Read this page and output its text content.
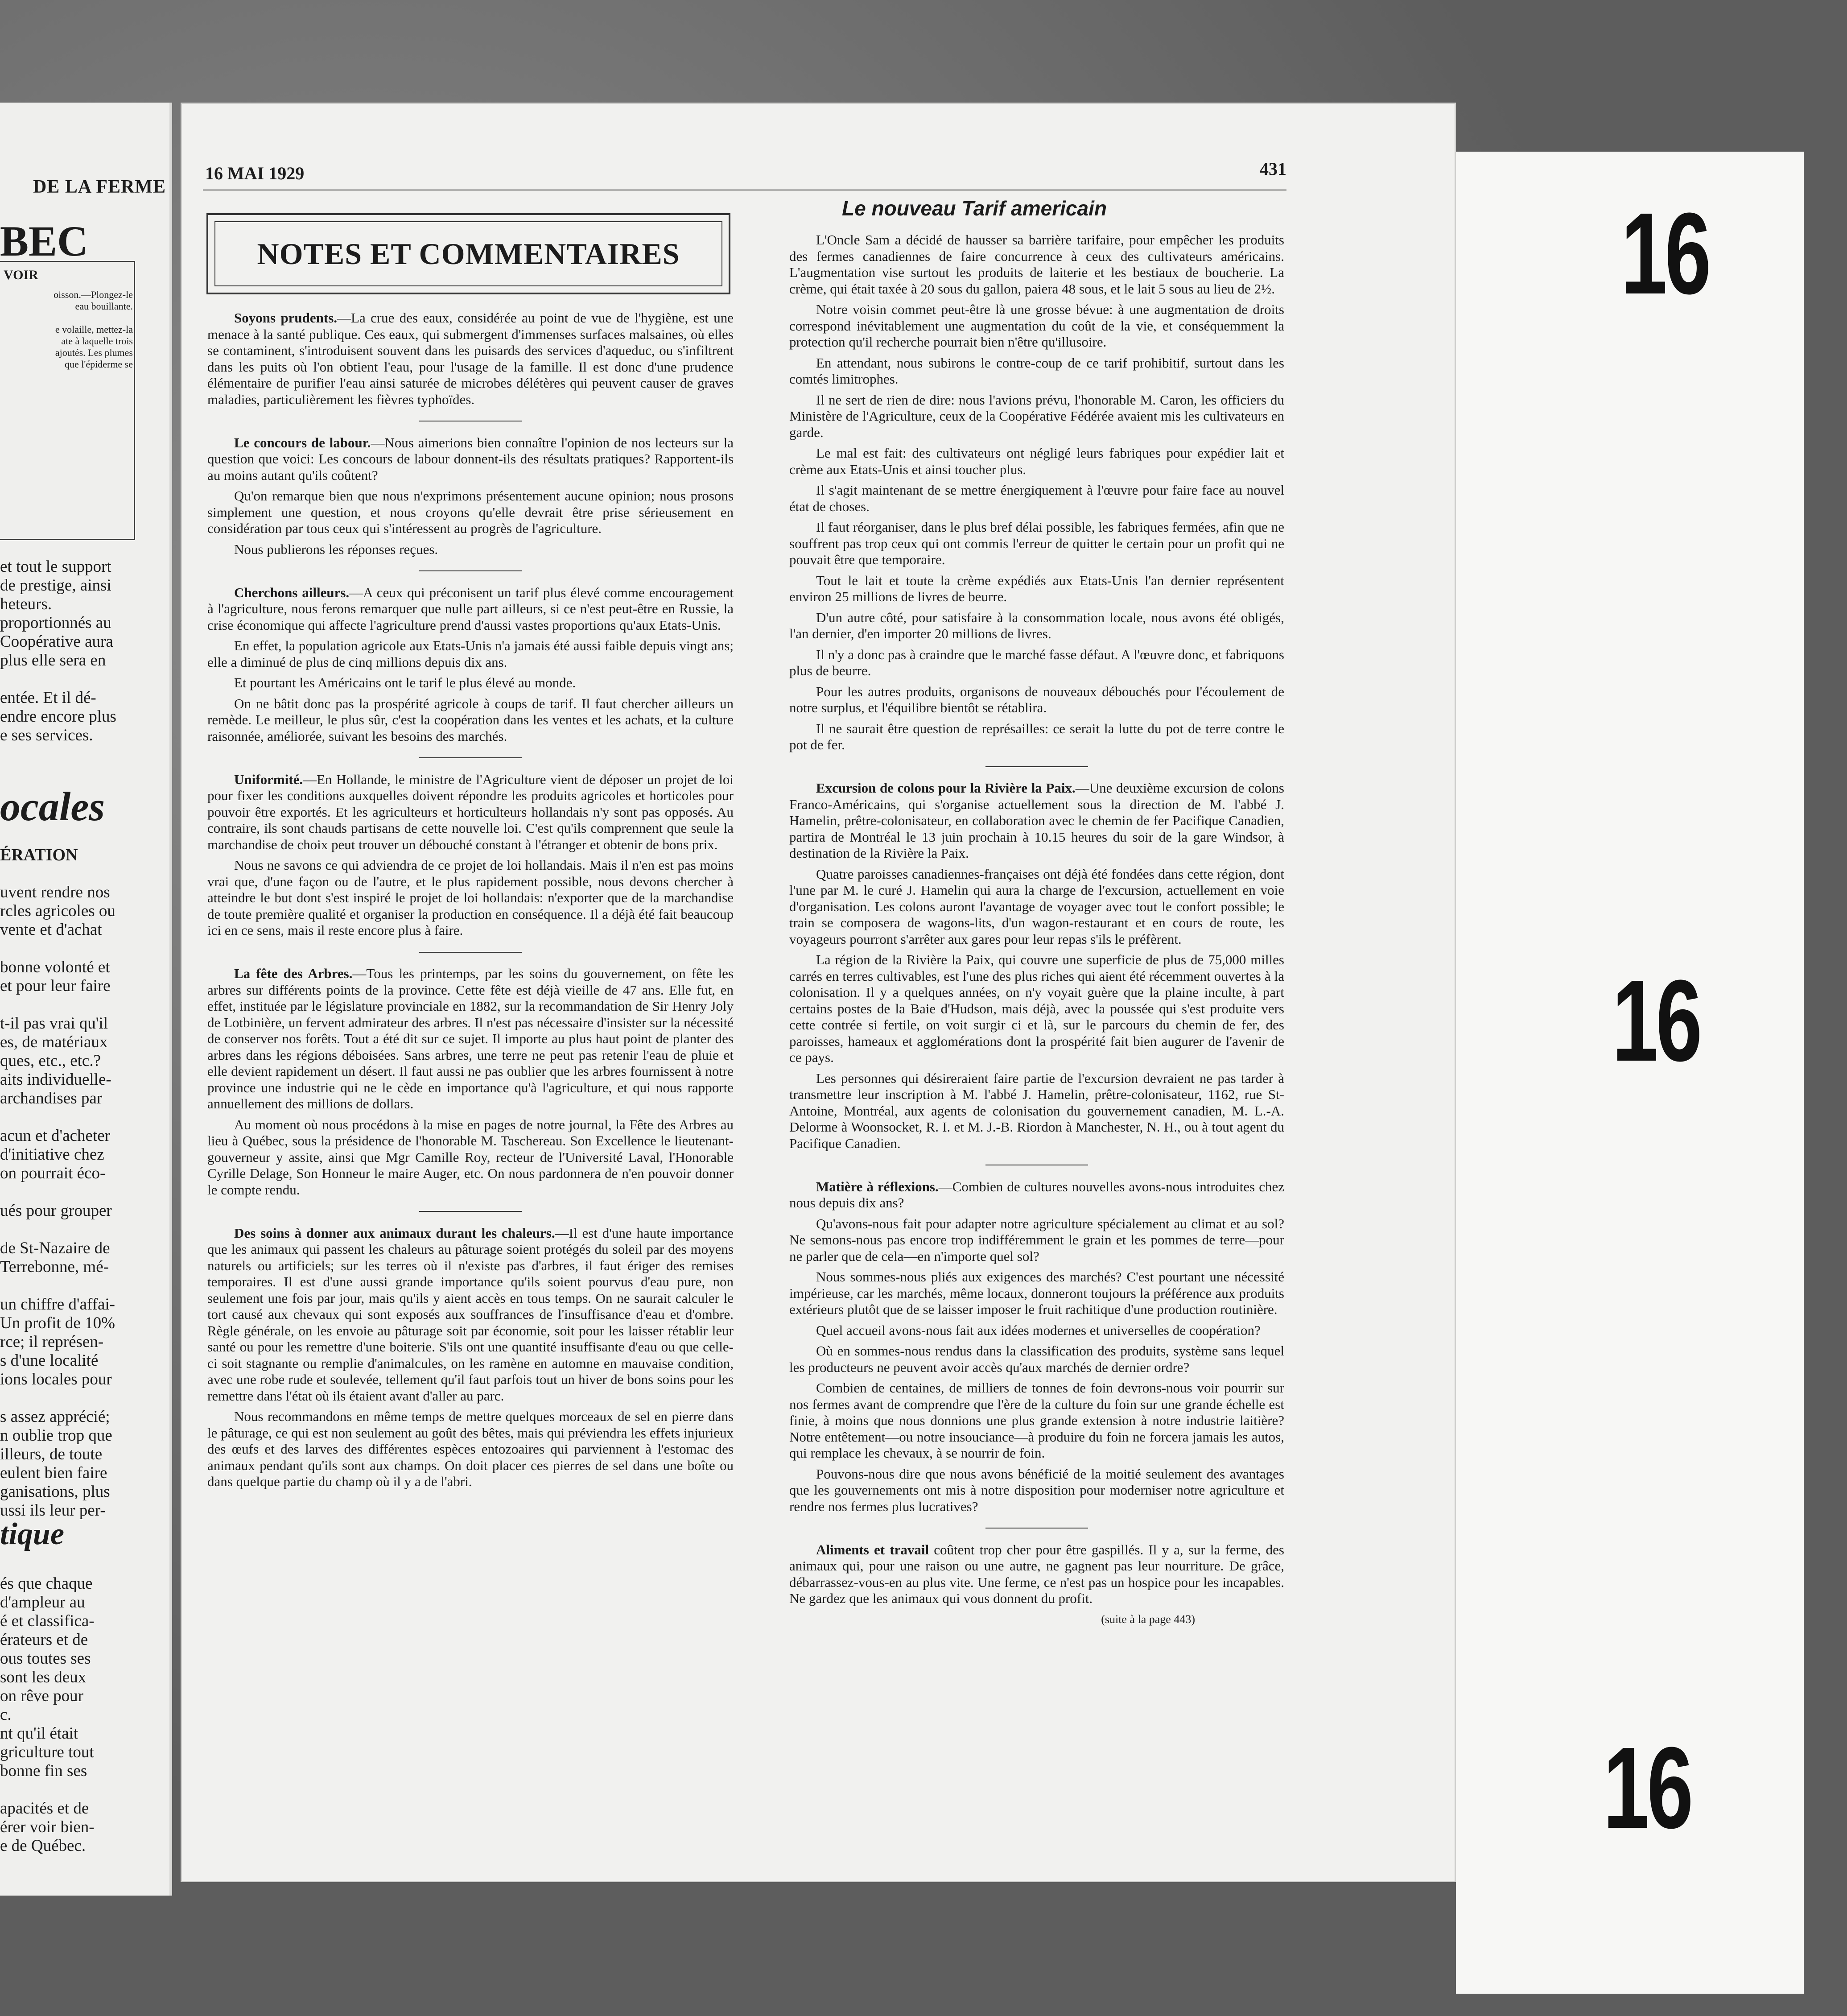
DE LA FERME
BEC
VOIR
oisson.—Plongez-le
eau bouillante.

e volaille, mettez-la
ate à laquelle trois
ajoutés. Les plumes
que l'épiderme se
et tout le support
de prestige, ainsi
heteurs.
proportionnés au
Coopérative aura
plus elle sera en

entée. Et il dé-
endre encore plus
e ses services.
ocales
ÉRATION
uvent rendre nos
rcles agricoles ou
vente et d'achat

bonne volonté et
et pour leur faire

t-il pas vrai qu'il
es, de matériaux
ques, etc., etc.?
aits individuelle-
archandises par

acun et d'acheter
d'initiative chez
on pourrait éco-

ués pour grouper

de St-Nazaire de
Terrebonne, mé-

un chiffre d'affai-
Un profit de 10%
rce; il représen-
s d'une localité
ions locales pour

s assez apprécié;
n oublie trop que
illeurs, de toute
eulent bien faire
ganisations, plus
ussi ils leur per-
tique
és que chaque
d'ampleur au
é et classifica-
érateurs et de
ous toutes ses
sont les deux
on rêve pour
c.
nt qu'il était
griculture tout
bonne fin ses

apacités et de
érer voir bien-
e de Québec.
16 MAI 1929	431
NOTES ET COMMENTAIRES

Soyons prudents.—La crue des eaux, considérée au point de vue de l'hygiène, est une menace à la santé publique. Ces eaux, qui submergent d'immenses surfaces malsaines, où elles se contaminent, s'introduisent souvent dans les puisards des services d'aqueduc, ou s'infiltrent dans les puits où l'on obtient l'eau, pour l'usage de la famille. Il est donc d'une prudence élémentaire de purifier l'eau ainsi saturée de microbes délétères qui peuvent causer de graves maladies, particulièrement les fièvres typhoïdes.

Le concours de labour.—Nous aimerions bien connaître l'opinion de nos lecteurs sur la question que voici: Les concours de labour donnent-ils des résultats pratiques? Rapportent-ils au moins autant qu'ils coûtent?

Qu'on remarque bien que nous n'exprimons présentement aucune opinion; nous prosons simplement une question, et nous croyons qu'elle devrait être prise sérieusement en considération par tous ceux qui s'intéressent au progrès de l'agriculture.

Nous publierons les réponses reçues.

Cherchons ailleurs.—A ceux qui préconisent un tarif plus élevé comme encouragement à l'agriculture, nous ferons remarquer que nulle part ailleurs, si ce n'est peut-être en Russie, la crise économique qui affecte l'agriculture prend d'aussi vastes proportions qu'aux Etats-Unis.

En effet, la population agricole aux Etats-Unis n'a jamais été aussi faible depuis vingt ans; elle a diminué de plus de cinq millions depuis dix ans.

Et pourtant les Américains ont le tarif le plus élevé au monde.

On ne bâtit donc pas la prospérité agricole à coups de tarif. Il faut chercher ailleurs un remède. Le meilleur, le plus sûr, c'est la coopération dans les ventes et les achats, et la culture raisonnée, améliorée, suivant les besoins des marchés.

Uniformité.—En Hollande, le ministre de l'Agriculture vient de déposer un projet de loi pour fixer les conditions auxquelles doivent répondre les produits agricoles et horticoles pour pouvoir être exportés. Et les agriculteurs et horticulteurs hollandais n'y sont pas opposés. Au contraire, ils sont chauds partisans de cette nouvelle loi. C'est qu'ils comprennent que seule la marchandise de choix peut trouver un débouché constant à l'étranger et obtenir de bons prix.

Nous ne savons ce qui adviendra de ce projet de loi hollandais. Mais il n'en est pas moins vrai que, d'une façon ou de l'autre, et le plus rapidement possible, nous devons chercher à atteindre le but dont s'est inspiré le projet de loi hollandais: n'exporter que de la marchandise de toute première qualité et organiser la production en conséquence. Il a déjà été fait beaucoup ici en ce sens, mais il reste encore plus à faire.

La fête des Arbres.—Tous les printemps, par les soins du gouvernement, on fête les arbres sur différents points de la province. Cette fête est déjà vieille de 47 ans. Elle fut, en effet, instituée par le législature provinciale en 1882, sur la recommandation de Sir Henry Joly de Lotbinière, un fervent admirateur des arbres. Il n'est pas nécessaire d'insister sur la nécessité de conserver nos forêts. Tout a été dit sur ce sujet. Il importe au plus haut point de planter des arbres dans les régions déboisées. Sans arbres, une terre ne peut pas retenir l'eau de pluie et elle devient rapidement un désert. Il faut aussi ne pas oublier que les arbres fournissent à notre province une industrie qui ne le cède en importance qu'à l'agriculture, et qui nous rapporte annuellement des millions de dollars.

Au moment où nous procédons à la mise en pages de notre journal, la Fête des Arbres au lieu à Québec, sous la présidence de l'honorable M. Taschereau. Son Excellence le lieutenant-gouverneur y assite, ainsi que Mgr Camille Roy, recteur de l'Université Laval, l'Honorable Cyrille Delage, Son Honneur le maire Auger, etc. On nous pardonnera de n'en pouvoir donner le compte rendu.

Des soins à donner aux animaux durant les chaleurs.—Il est d'une haute importance que les animaux qui passent les chaleurs au pâturage soient protégés du soleil par des moyens naturels ou artificiels; sur les terres où il n'existe pas d'arbres, il faut ériger des remises temporaires. Il est d'une aussi grande importance qu'ils soient pourvus d'eau pure, non seulement une fois par jour, mais qu'ils y aient accès en tous temps. On ne saurait calculer le tort causé aux chevaux qui sont exposés aux souffrances de l'insuffisance d'eau et d'ombre. Règle générale, on les envoie au pâturage soit par économie, soit pour les laisser rétablir leur santé ou pour les remettre d'une boiterie. S'ils ont une quantité insuffisante d'eau ou que celle-ci soit stagnante ou remplie d'animalcules, on les ramène en automne en mauvaise condition, avec une robe rude et soulevée, tellement qu'il faut parfois tout un hiver de bons soins pour les remettre dans l'état où ils étaient avant d'aller au parc.

Nous recommandons en même temps de mettre quelques morceaux de sel en pierre dans le pâturage, ce qui est non seulement au goût des bêtes, mais qui préviendra les effets injurieux des œufs et des larves des différentes espèces entozoaires qui parviennent à l'estomac des animaux pendant qu'ils sont aux champs. On doit placer ces pierres de sel dans une boîte ou dans quelque partie du champ où il y a de l'abri.

Le nouveau Tarif americain

L'Oncle Sam a décidé de hausser sa barrière tarifaire, pour empêcher les produits des fermes canadiennes de faire concurrence à ceux des cultivateurs américains. L'augmentation vise surtout les produits de laiterie et les bestiaux de boucherie. La crème, qui était taxée à 20 sous du gallon, paiera 48 sous, et le lait 5 sous au lieu de 2½.

Notre voisin commet peut-être là une grosse bévue: à une augmentation de droits correspond inévitablement une augmentation du coût de la vie, et conséquemment la protection qu'il recherche pourrait bien n'être qu'illusoire.

En attendant, nous subirons le contre-coup de ce tarif prohibitif, surtout dans les comtés limitrophes.

Il ne sert de rien de dire: nous l'avions prévu, l'honorable M. Caron, les officiers du Ministère de l'Agriculture, ceux de la Coopérative Fédérée avaient mis les cultivateurs en garde.

Le mal est fait: des cultivateurs ont négligé leurs fabriques pour expédier lait et crème aux Etats-Unis et ainsi toucher plus.

Il s'agit maintenant de se mettre énergiquement à l'œuvre pour faire face au nouvel état de choses.

Il faut réorganiser, dans le plus bref délai possible, les fabriques fermées, afin que ne souffrent pas trop ceux qui ont commis l'erreur de quitter le certain pour un profit qui ne pouvait être que temporaire.

Tout le lait et toute la crème expédiés aux Etats-Unis l'an dernier représentent environ 25 millions de livres de beurre.

D'un autre côté, pour satisfaire à la consommation locale, nous avons été obligés, l'an dernier, d'en importer 20 millions de livres.

Il n'y a donc pas à craindre que le marché fasse défaut. A l'œuvre donc, et fabriquons plus de beurre.

Pour les autres produits, organisons de nouveaux débouchés pour l'écoulement de notre surplus, et l'équilibre bientôt se rétablira.

Il ne saurait être question de représailles: ce serait la lutte du pot de terre contre le pot de fer.

Excursion de colons pour la Rivière la Paix.—Une deuxième excursion de colons Franco-Américains, qui s'organise actuellement sous la direction de M. l'abbé J. Hamelin, prêtre-colonisateur, en collaboration avec le chemin de fer Pacifique Canadien, partira de Montréal le 13 juin prochain à 10.15 heures du soir de la gare Windsor, à destination de la Rivière la Paix.

Quatre paroisses canadiennes-françaises ont déjà été fondées dans cette région, dont l'une par M. le curé J. Hamelin qui aura la charge de l'excursion, actuellement en voie d'organisation. Les colons auront l'avantage de voyager avec tout le confort possible; le train se composera de wagons-lits, d'un wagon-restaurant et en cours de route, les voyageurs pourront s'arrêter aux gares pour leur repas s'ils le préfèrent.

La région de la Rivière la Paix, qui couvre une superficie de plus de 75,000 milles carrés en terres cultivables, est l'une des plus riches qui aient été récemment ouvertes à la colonisation. Il y a quelques années, on n'y voyait guère que la plaine inculte, à part certains postes de la Baie d'Hudson, mais déjà, avec la poussée qui s'est produite vers cette contrée si fertile, on voit surgir ci et là, sur le parcours du chemin de fer, des paroisses, hameaux et agglomérations dont la prospérité fait bien augurer de l'avenir de ce pays.

Les personnes qui désireraient faire partie de l'excursion devraient ne pas tarder à transmettre leur inscription à M. l'abbé J. Hamelin, prêtre-colonisateur, 1162, rue St-Antoine, Montréal, aux agents de colonisation du gouvernement canadien, M. L.-A. Delorme à Woonsocket, R. I. et M. J.-B. Riordon à Manchester, N. H., ou à tout agent du Pacifique Canadien.

Matière à réflexions.—Combien de cultures nouvelles avons-nous introduites chez nous depuis dix ans?

Qu'avons-nous fait pour adapter notre agriculture spécialement au climat et au sol? Ne semons-nous pas encore trop indifféremment le grain et les pommes de terre—pour ne parler que de cela—en n'importe quel sol?

Nous sommes-nous pliés aux exigences des marchés? C'est pourtant une nécessité impérieuse, car les marchés, même locaux, donneront toujours la préférence aux produits extérieurs plutôt que de se laisser imposer le fruit rachitique d'une production routinière.

Quel accueil avons-nous fait aux idées modernes et universelles de coopération?

Où en sommes-nous rendus dans la classification des produits, système sans lequel les producteurs ne peuvent avoir accès qu'aux marchés de dernier ordre?

Combien de centaines, de milliers de tonnes de foin devrons-nous voir pourrir sur nos fermes avant de comprendre que l'ère de la culture du foin sur une grande échelle est finie, à moins que nous donnions une plus grande extension à notre industrie laitière? Notre entêtement—ou notre insouciance—à produire du foin ne forcera jamais les autos, qui remplace les chevaux, à se nourrir de foin.

Pouvons-nous dire que nous avons bénéficié de la moitié seulement des avantages que les gouvernements ont mis à notre disposition pour moderniser notre agriculture et rendre nos fermes plus lucratives?

Aliments et travail coûtent trop cher pour être gaspillés. Il y a, sur la ferme, des animaux qui, pour une raison ou une autre, ne gagnent pas leur nourriture. De grâce, débarrassez-vous-en au plus vite. Une ferme, ce n'est pas un hospice pour les incapables. Ne gardez que les animaux qui vous donnent du profit.

(suite à la page 443)
16
16
16
